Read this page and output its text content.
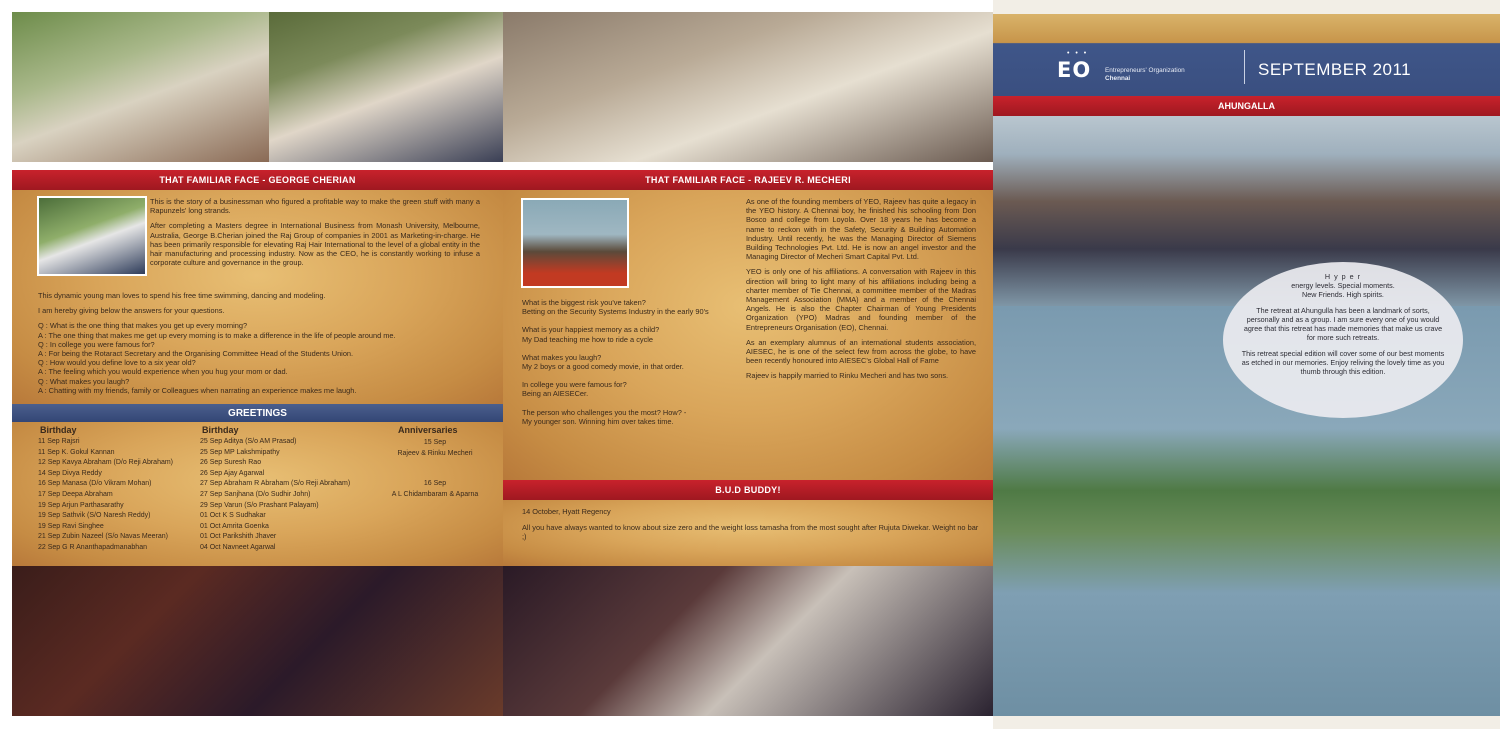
THAT FAMILIAR FACE - GEORGE CHERIAN

This is the story of a businessman who figured a profitable way to make the green stuff with many a Rapunzels' long strands.

After completing a Masters degree in International Business from Monash University, Melbourne, Australia, George B.Cherian joined the Raj Group of companies in 2001 as Marketing-in-charge. He has been primarily responsible for elevating Raj Hair International to the level of a global entity in the hair manufacturing and processing industry. Now as the CEO, he is constantly working to infuse a corporate culture and governance in the group.

This dynamic young man loves to spend his free time swimming, dancing and modeling.

I am hereby giving below the answers for your questions.

Q : What is the one thing that makes you get up every morning?
A : The one thing that makes me get up every morning is to make a difference in the life of people around me.
Q : In college you were famous for?
A : For being the Rotaract Secretary and the Organising Committee Head of the Students Union.
Q : How would you define love to a six year old?
A : The feeling which you would experience when you hug your mom or dad.
Q : What makes you laugh?
A : Chatting with my friends, family or Colleagues when narrating an experience makes me laugh.
GREETINGS
Birthday
11 Sep Rajsri
11 Sep K. Gokul Kannan
12 Sep Kavya Abraham (D/o Reji Abraham)
14 Sep Divya Reddy
16 Sep Manasa (D/o Vikram Mohan)
17 Sep Deepa Abraham
19 Sep Arjun Parthasarathy
19 Sep Sathvik (S/O Naresh Reddy)
19 Sep Ravi Singhee
21 Sep Zubin Nazeel (S/o Navas Meeran)
22 Sep G R Ananthapadmanabhan
Birthday
25 Sep Aditya (S/o AM Prasad)
25 Sep MP Lakshmipathy
26 Sep Suresh Rao
26 Sep Ajay Agarwal
27 Sep Abraham R Abraham (S/o Reji Abraham)
27 Sep Sanjhana (D/o Sudhir John)
29 Sep Varun (S/o Prashant Palayam)
01 Oct K S Sudhakar
01 Oct Amrita Goenka
01 Oct Parikshith Jhaver
04 Oct Navneet Agarwal
Anniversaries
15 Sep
Rajeev & Rinku Mecheri
16 Sep
A L Chidambaram & Aparna
THAT FAMILIAR FACE - RAJEEV R. MECHERI
What is the biggest risk you've taken?
Betting on the Security Systems Industry in the early 90's
What is your happiest memory as a child?
My Dad teaching me how to ride a cycle
What makes you laugh?
My 2 boys or a good comedy movie, in that order.
In college you were famous for?
Being an AIESECer.
The person who challenges you the most? How? -
My younger son. Winning him over takes time.

As one of the founding members of YEO, Rajeev has quite a legacy in the YEO history. A Chennai boy, he finished his schooling from Don Bosco and college from Loyola. Over 18 years he has become a name to reckon with in the Safety, Security & Building Automation Industry. Until recently, he was the Managing Director of Siemens Building Technologies Pvt. Ltd. He is now an angel investor and the Managing Director of Mecheri Smart Capital Pvt. Ltd.

YEO is only one of his affiliations. A conversation with Rajeev in this direction will bring to light many of his affiliations including being a charter member of Tie Chennai, a committee member of the Madras Management Association (MMA) and a member of the Chennai Angels. He is also the Chapter Chairman of Young Presidents Organization (YPO) Madras and founding member of the Entrepreneurs Organisation (EO), Chennai.

As an exemplary alumnus of an international students association, AIESEC, he is one of the select few from across the globe, to have been recently honoured into AIESEC's Global Hall of Fame

Rajeev is happily married to Rinku Mecheri and has two sons.

B.U.D BUDDY!

14 October, Hyatt Regency

All you have always wanted to know about size zero and the weight loss tamasha from the most sought after Rujuta Diwekar. Weight no bar ;)

• • •
EO Entrepreneurs' Organization
Chennai	SEPTEMBER 2011
AHUNGALLA

H y p e r
energy levels. Special moments.
New Friends. High spirits.

The retreat at Ahungulla has been a landmark of sorts, personally and as a group. I am sure every one of you would agree that this retreat has made memories that make us crave for more such retreats.

This retreat special edition will cover some of our best moments as etched in our memories. Enjoy reliving the lovely time as you thumb through this edition.
